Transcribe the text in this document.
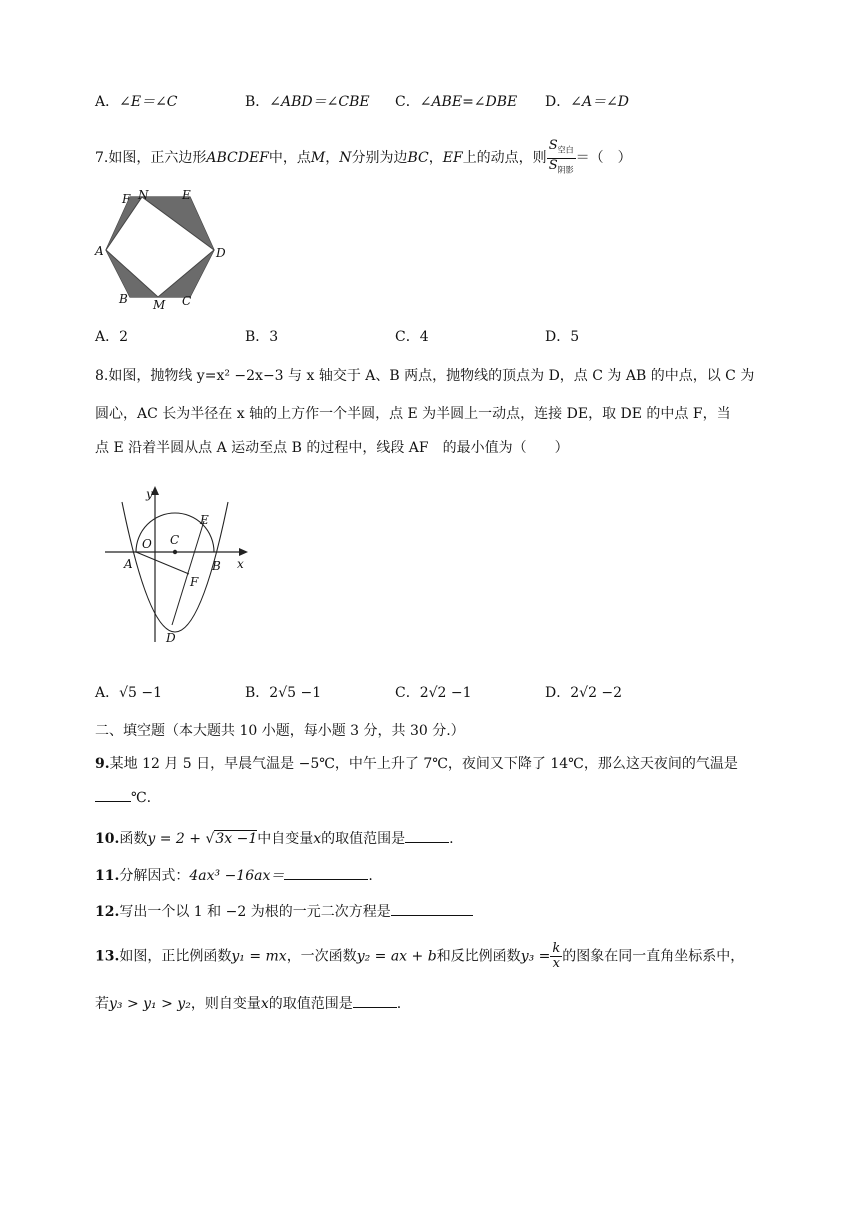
A．∠E＝∠C	B．∠ABD＝∠CBE C．∠ABE=∠DBE D．∠A＝∠D
7.如图，正六边形ABCDEF中，点M，N分别为边BC，EF上的动点，则 $\frac{S_{空白}}{S_{阴影}}$ ＝（　）
F N	E
A	D
B M C
A．2	B．3	C．4	D．5
8.如图，抛物线 y=x² −2x−3 与 x 轴交于 A、B 两点，抛物线的顶点为 D，点 C 为 AB 的中点，以 C 为
圆心，AC 长为半径在 x 轴的上方作一个半圆，点 E 为半圆上一动点，连接 DE，取 DE 的中点 F，当
点 E 沿着半圆从点 A 运动至点 B 的过程中，线段 AF　的最小值为（　　）
y
x
O C
E
A	B
F
D
A．√5 −1	B．2√5 −1	C．2√2 −1	D．2√2 −2
二、填空题（本大题共 10 小题，每小题 3 分，共 30 分.）
9.某地 12 月 5 日，早晨气温是 −5℃，中午上升了 7℃，夜间又下降了 14℃，那么这天夜间的气温是
℃.
10.函数y = 2 + √3x −1中自变量x的取值范围是	.
11.分解因式：4ax³ −16ax＝	.
12.写出一个以 1 和 −2 为根的一元二次方程是
13.如图，正比例函数y₁ = mx，一次函数y₂ = ax + b和反比例函数$y_3 = \frac{k}{x}$ 的图象在同一直角坐标系中，
若y₃ > y₁ > y₂，则自变量x的取值范围是	.
